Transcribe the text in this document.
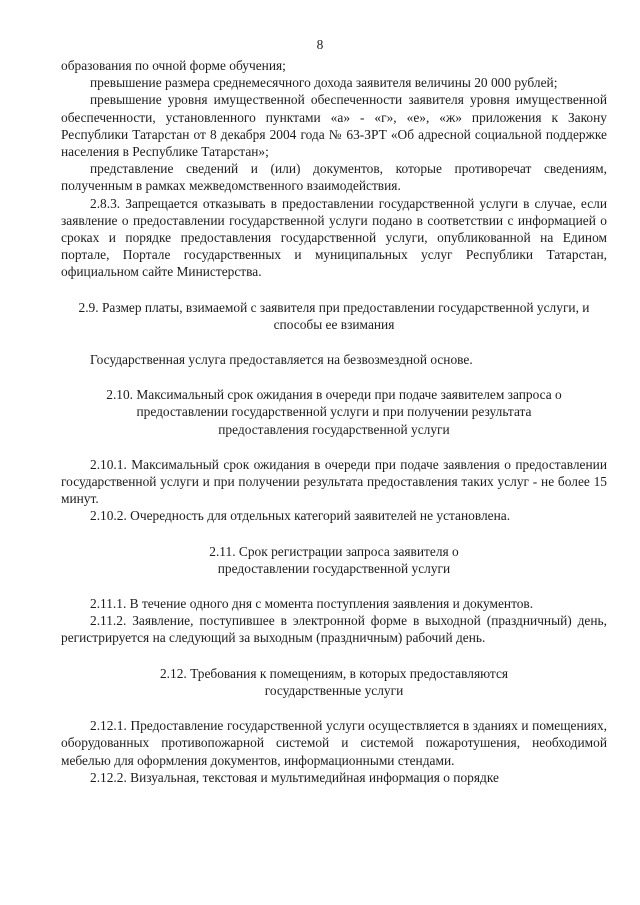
8

образования по очной форме обучения;

превышение размера среднемесячного дохода заявителя величины 20 000 рублей;

превышение уровня имущественной обеспеченности заявителя уровня имущественной обеспеченности, установленного пунктами «а» - «г», «е», «ж» приложения к Закону Республики Татарстан от 8 декабря 2004 года № 63-ЗРТ «Об адресной социальной поддержке населения в Республике Татарстан»;

представление сведений и (или) документов, которые противоречат сведениям, полученным в рамках межведомственного взаимодействия.

2.8.3. Запрещается отказывать в предоставлении государственной услуги в случае, если заявление о предоставлении государственной услуги подано в соответствии с информацией о сроках и порядке предоставления государственной услуги, опубликованной на Едином портале, Портале государственных и муниципальных услуг Республики Татарстан, официальном сайте Министерства.

2.9. Размер платы, взимаемой с заявителя при предоставлении государственной услуги, и способы ее взимания

Государственная услуга предоставляется на безвозмездной основе.

2.10. Максимальный срок ожидания в очереди при подаче заявителем запроса о предоставлении государственной услуги и при получении результата предоставления государственной услуги

2.10.1. Максимальный срок ожидания в очереди при подаче заявления о предоставлении государственной услуги и при получении результата предоставления таких услуг - не более 15 минут.

2.10.2. Очередность для отдельных категорий заявителей не установлена.

2.11. Срок регистрации запроса заявителя о предоставлении государственной услуги

2.11.1. В течение одного дня с момента поступления заявления и документов.

2.11.2. Заявление, поступившее в электронной форме в выходной (праздничный) день, регистрируется на следующий за выходным (праздничным) рабочий день.

2.12. Требования к помещениям, в которых предоставляются государственные услуги

2.12.1. Предоставление государственной услуги осуществляется в зданиях и помещениях, оборудованных противопожарной системой и системой пожаротушения, необходимой мебелью для оформления документов, информационными стендами.

2.12.2. Визуальная, текстовая и мультимедийная информация о порядке
